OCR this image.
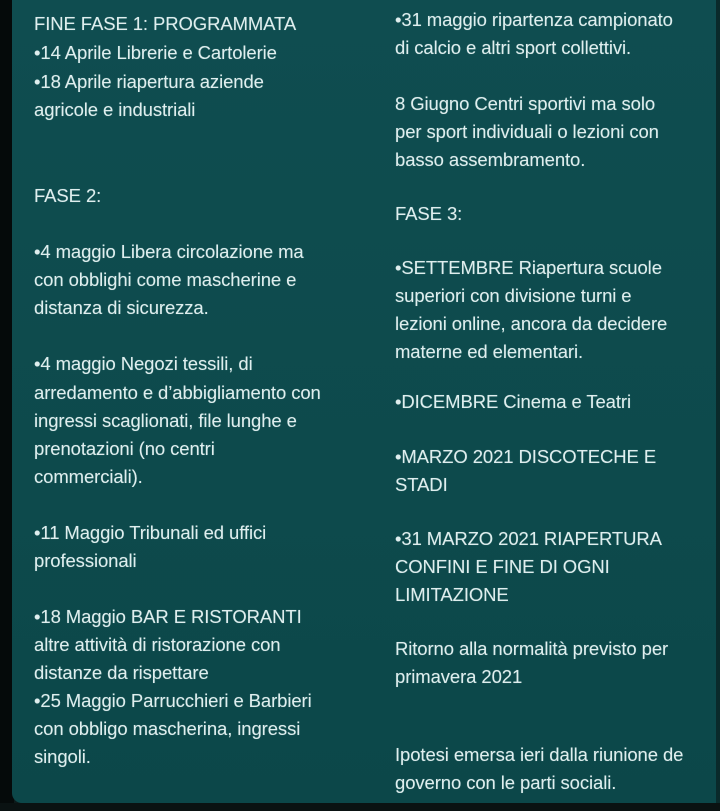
FINE FASE 1: PROGRAMMATA
•14 Aprile Librerie e Cartolerie
•18 Aprile riapertura aziende
agricole e industriali
FASE 2:
•4 maggio Libera circolazione ma
con obblighi come mascherine e
distanza di sicurezza.
•4 maggio Negozi tessili, di
arredamento e d’abbigliamento con
ingressi scaglionati, file lunghe e
prenotazioni (no centri
commerciali).
•11 Maggio Tribunali ed uffici
professionali
•18 Maggio BAR E RISTORANTI
altre attività di ristorazione con
distanze da rispettare
•25 Maggio Parrucchieri e Barbieri
con obbligo mascherina, ingressi
singoli.
•31 maggio ripartenza campionato
di calcio e altri sport collettivi.
8 Giugno Centri sportivi ma solo
per sport individuali o lezioni con
basso assembramento.
FASE 3:
•SETTEMBRE Riapertura scuole
superiori con divisione turni e
lezioni online, ancora da decidere
materne ed elementari.
•DICEMBRE Cinema e Teatri
•MARZO 2021 DISCOTECHE E
STADI
•31 MARZO 2021 RIAPERTURA
CONFINI E FINE DI OGNI
LIMITAZIONE
Ritorno alla normalità previsto per
primavera 2021
Ipotesi emersa ieri dalla riunione de
governo con le parti sociali.
